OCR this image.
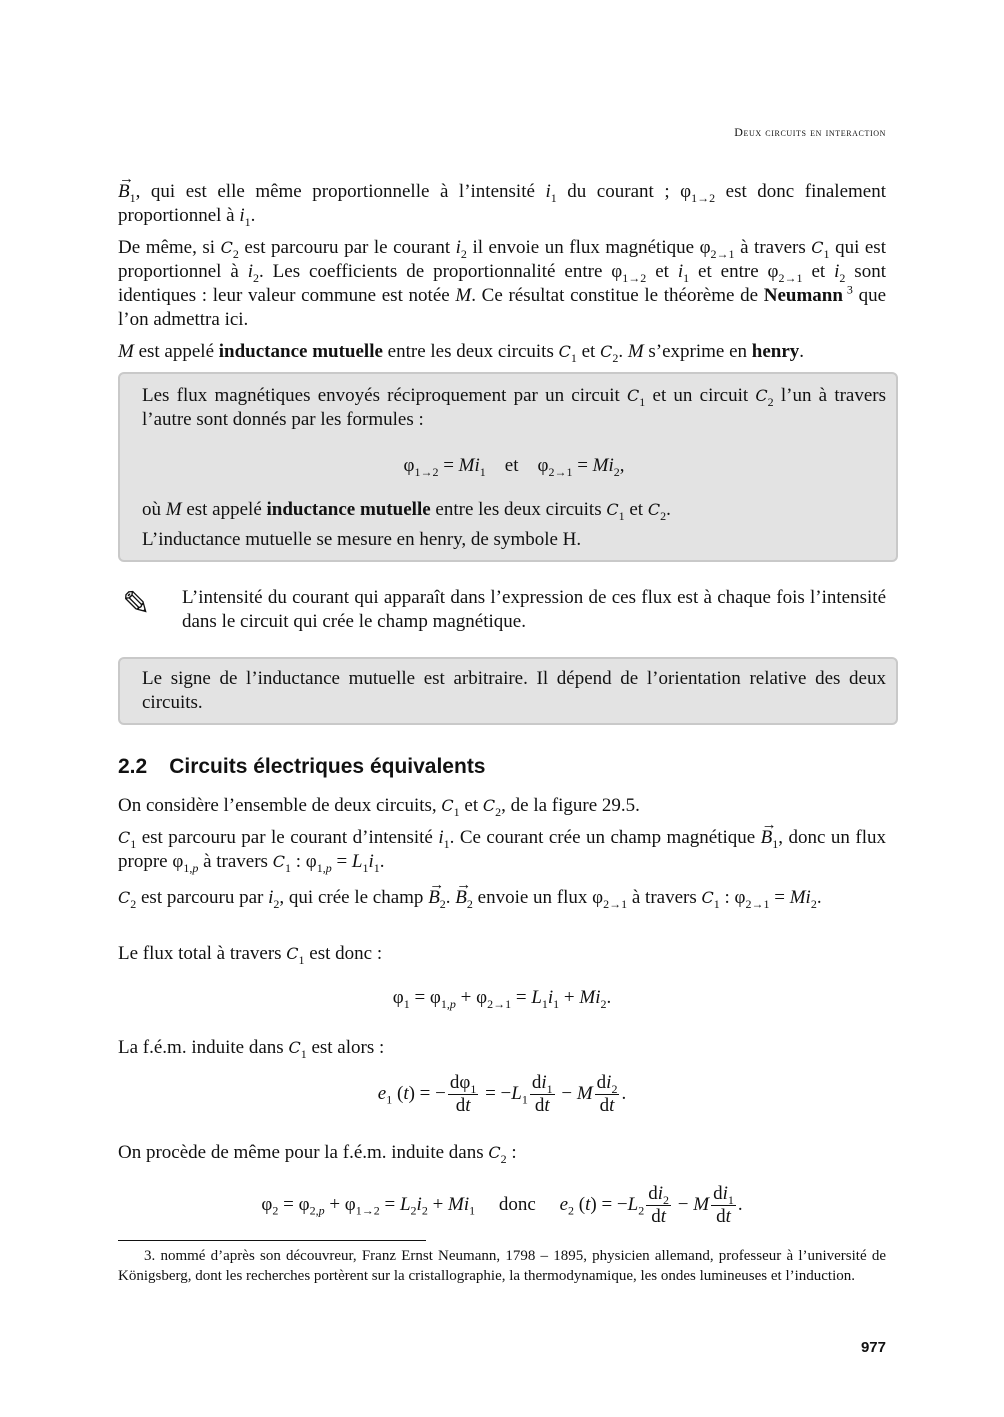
Deux circuits en interaction

→ $B_1$, qui est elle même proportionnelle à l’intensité $i_1$ du courant ; $\varphi_{1\to 2}$ est donc finalement proportionnel à $i_1$.

De même, si $C_2$ est parcouru par le courant $i_2$ il envoie un flux magnétique $\varphi_{2\to 1}$ à travers $C_1$ qui est proportionnel à $i_2$. Les coefficients de proportionnalité entre $\varphi_{1\to 2}$ et $i_1$ et entre $\varphi_{2\to 1}$ et $i_2$ sont identiques : leur valeur commune est notée M. Ce résultat constitue le théorème de Neumann $^3$ que l’on admettra ici.

M est appelé inductance mutuelle entre les deux circuits $C_1$ et $C_2$. M s’exprime en henry.

Les flux magnétiques envoyés réciproquement par un circuit $C_1$ et un circuit $C_2$ l’un à travers l’autre sont donnés par les formules :

$\varphi_{1\to 2} = Mi_1$    et    $\varphi_{2\to 1} = Mi_2$,

où M est appelé inductance mutuelle entre les deux circuits $C_1$ et $C_2$.

L’inductance mutuelle se mesure en henry, de symbole H.

✎ L’intensité du courant qui apparaît dans l’expression de ces flux est à chaque fois l’intensité dans le circuit qui crée le champ magnétique.

Le signe de l’inductance mutuelle est arbitraire. Il dépend de l’orientation relative des deux circuits.

2.2 Circuits électriques équivalents

On considère l’ensemble de deux circuits, $C_1$ et $C_2$, de la figure 29.5.

$C_1$ est parcouru par le courant d’intensité $i_1$. Ce courant crée un champ magnétique → $B_1$, donc un flux propre $\varphi_{1,p}$ à travers $C_1$ : $\varphi_{1,p} = L_1i_1$.

$C_2$ est parcouru par $i_2$, qui crée le champ → $B_2$. → $B_2$ envoie un flux $\varphi_{2\to 1}$ à travers $C_1$ : $\varphi_{2\to 1} = Mi_2$.

Le flux total à travers $C_1$ est donc :

$\varphi_1 = \varphi_{1,p} + \varphi_{2\to 1} = L_1i_1 + Mi_2$.

La f.é.m. induite dans $C_1$ est alors :

$e_1$ (t) = − $\frac{d\varphi_1}{dt} = -L_1 \frac{di_1}{dt} - M \frac{di_2}{dt}$ .

On procède de même pour la f.é.m. induite dans $C_2$ :

$\varphi_2 = \varphi_{2,p} + \varphi_{1\to 2} = L_2i_2 + Mi_1$     donc     $e_2$ $(t) = -L_2 \frac{di_2}{dt} - M \frac{di_1}{dt}$ .

3. nommé d’après son découvreur, Franz Ernst Neumann, 1798 – 1895, physicien allemand, professeur à l’université de Königsberg, dont les recherches portèrent sur la cristallographie, la thermodynamique, les ondes lumineuses et l’induction.
977
